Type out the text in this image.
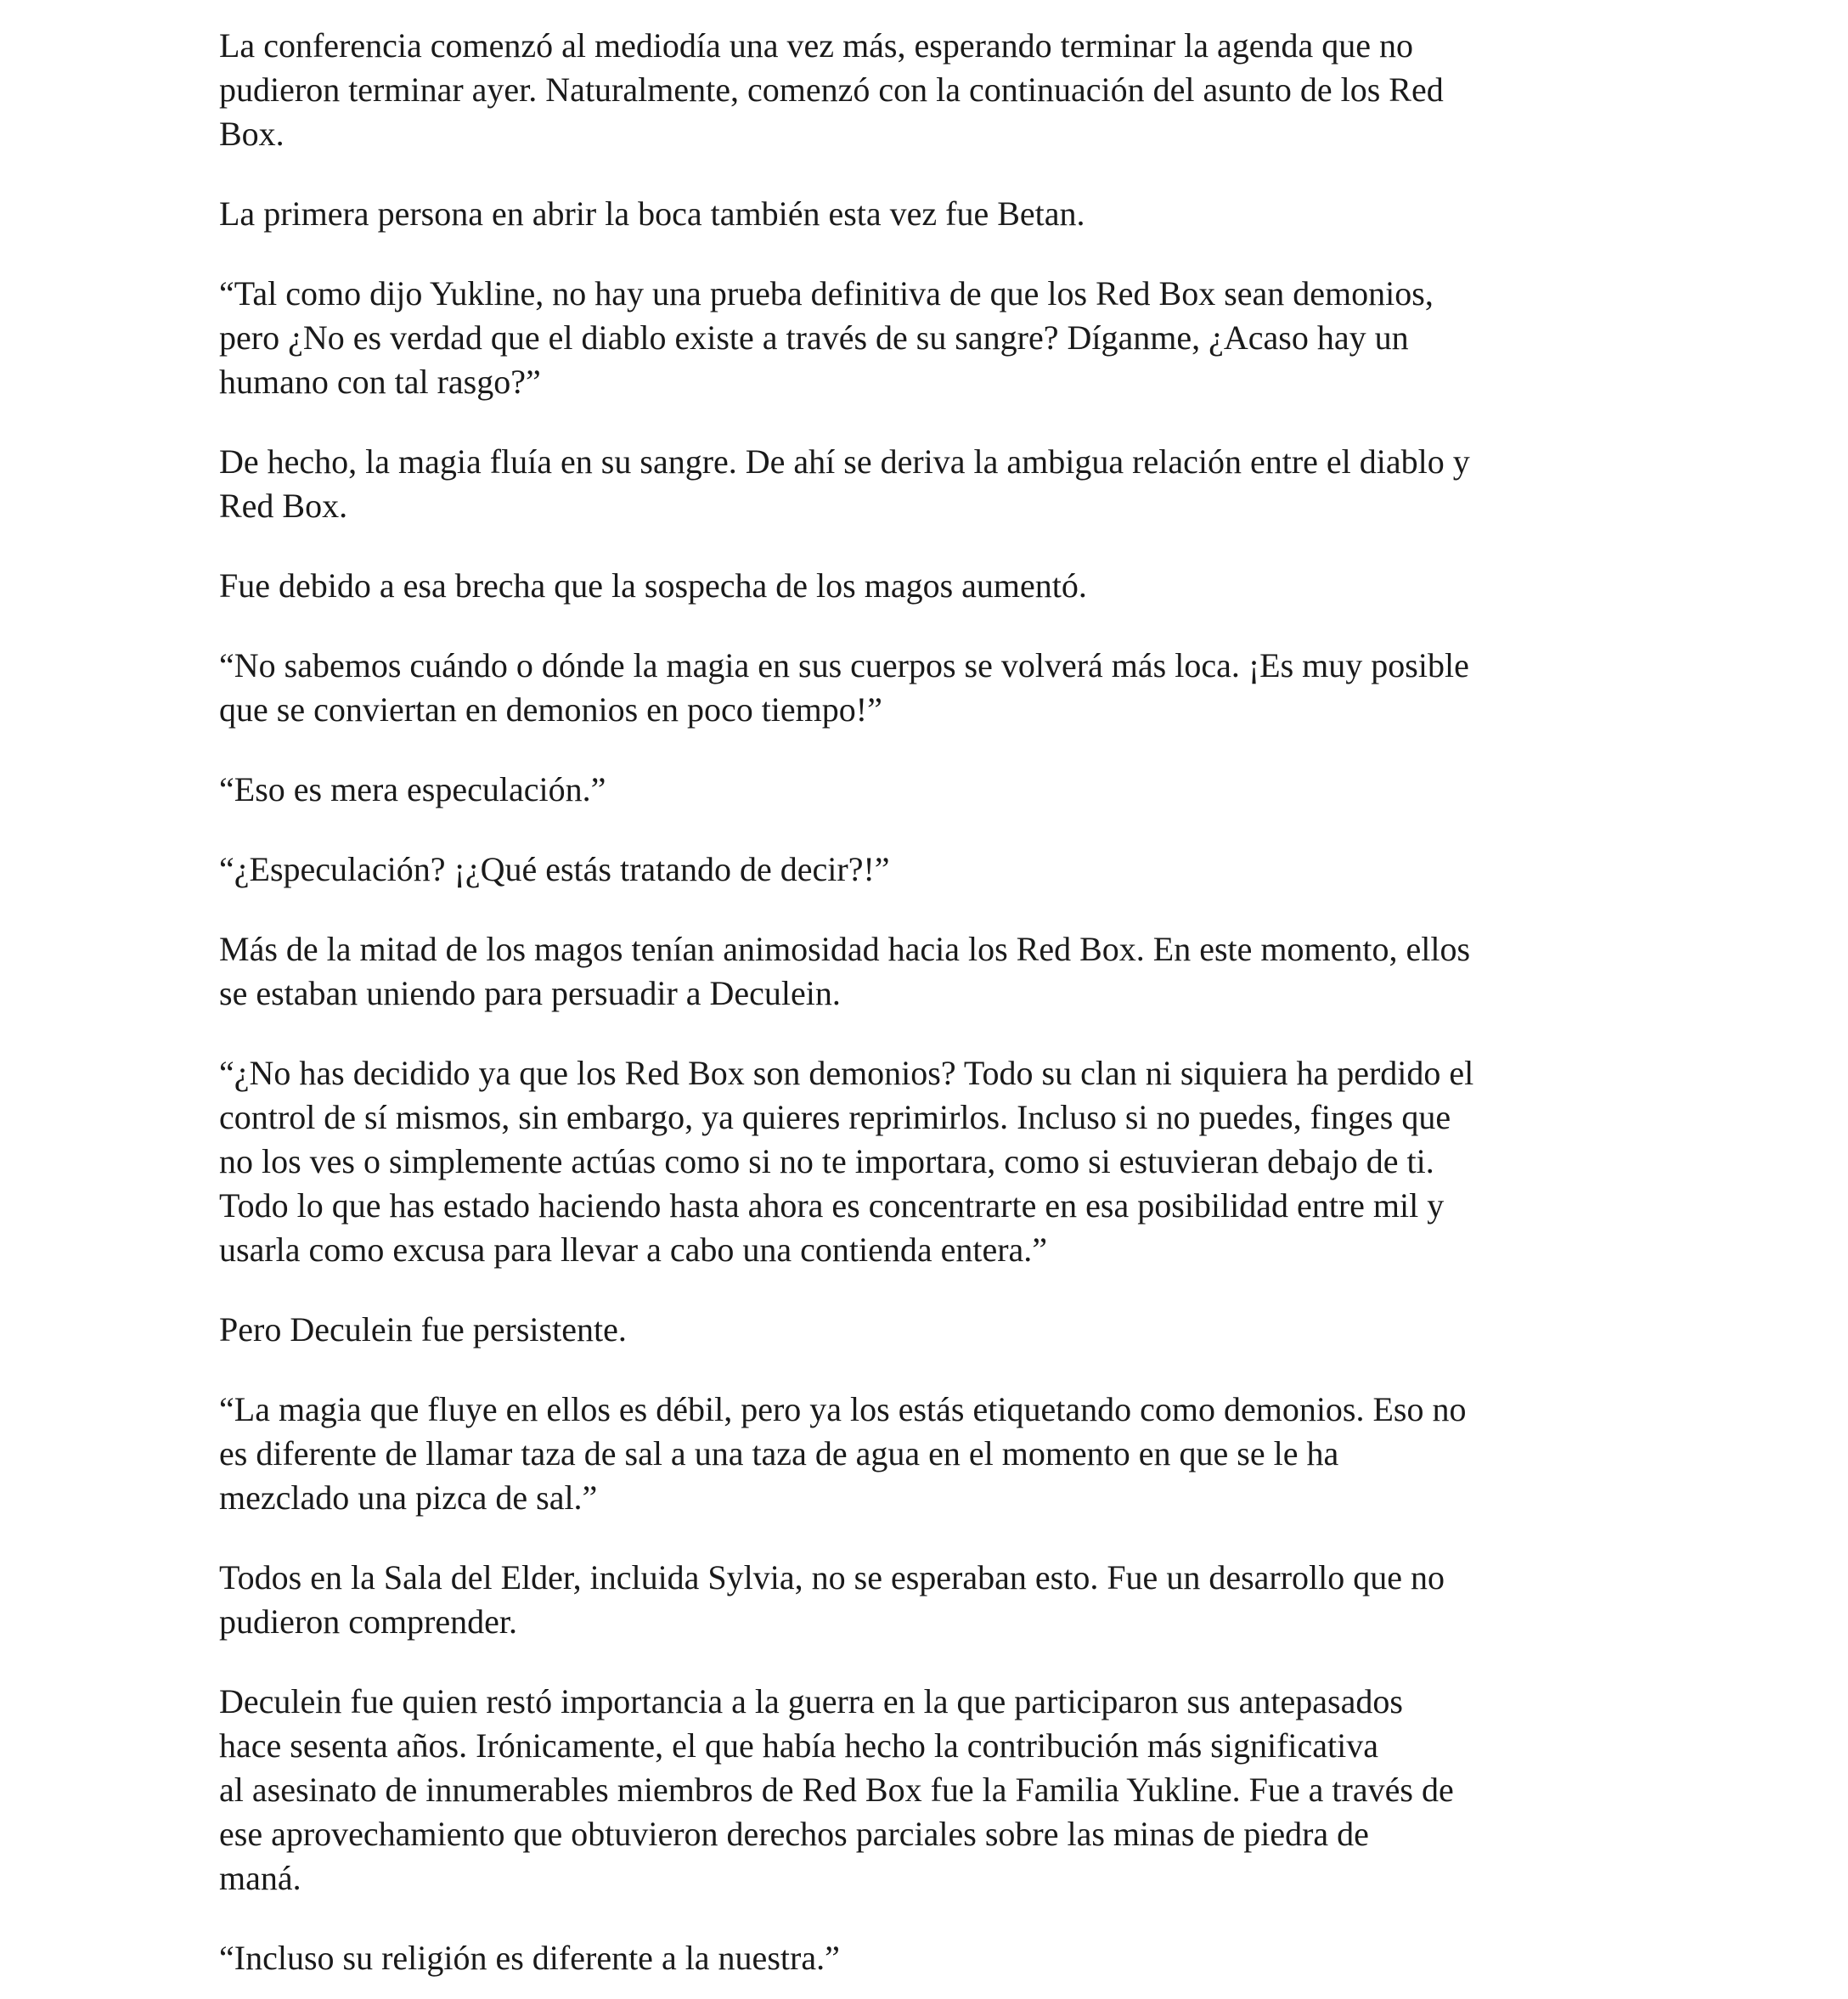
La conferencia comenzó al mediodía una vez más, esperando terminar la agenda que no
pudieron terminar ayer. Naturalmente, comenzó con la continuación del asunto de los Red
Box.

La primera persona en abrir la boca también esta vez fue Betan.

“Tal como dijo Yukline, no hay una prueba definitiva de que los Red Box sean demonios,
pero ¿No es verdad que el diablo existe a través de su sangre? Díganme, ¿Acaso hay un
humano con tal rasgo?”

De hecho, la magia fluía en su sangre. De ahí se deriva la ambigua relación entre el diablo y
Red Box.

Fue debido a esa brecha que la sospecha de los magos aumentó.

“No sabemos cuándo o dónde la magia en sus cuerpos se volverá más loca. ¡Es muy posible
que se conviertan en demonios en poco tiempo!”

“Eso es mera especulación.”

“¿Especulación? ¡¿Qué estás tratando de decir?!”

Más de la mitad de los magos tenían animosidad hacia los Red Box. En este momento, ellos
se estaban uniendo para persuadir a Deculein.

“¿No has decidido ya que los Red Box son demonios? Todo su clan ni siquiera ha perdido el
control de sí mismos, sin embargo, ya quieres reprimirlos. Incluso si no puedes, finges que
no los ves o simplemente actúas como si no te importara, como si estuvieran debajo de ti.
Todo lo que has estado haciendo hasta ahora es concentrarte en esa posibilidad entre mil y
usarla como excusa para llevar a cabo una contienda entera.”

Pero Deculein fue persistente.

“La magia que fluye en ellos es débil, pero ya los estás etiquetando como demonios. Eso no
es diferente de llamar taza de sal a una taza de agua en el momento en que se le ha
mezclado una pizca de sal.”

Todos en la Sala del Elder, incluida Sylvia, no se esperaban esto. Fue un desarrollo que no
pudieron comprender.

Deculein fue quien restó importancia a la guerra en la que participaron sus antepasados
hace sesenta años. Irónicamente, el que había hecho la contribución más significativa
al asesinato de innumerables miembros de Red Box fue la Familia Yukline. Fue a través de
ese aprovechamiento que obtuvieron derechos parciales sobre las minas de piedra de
maná.

“Incluso su religión es diferente a la nuestra.”
